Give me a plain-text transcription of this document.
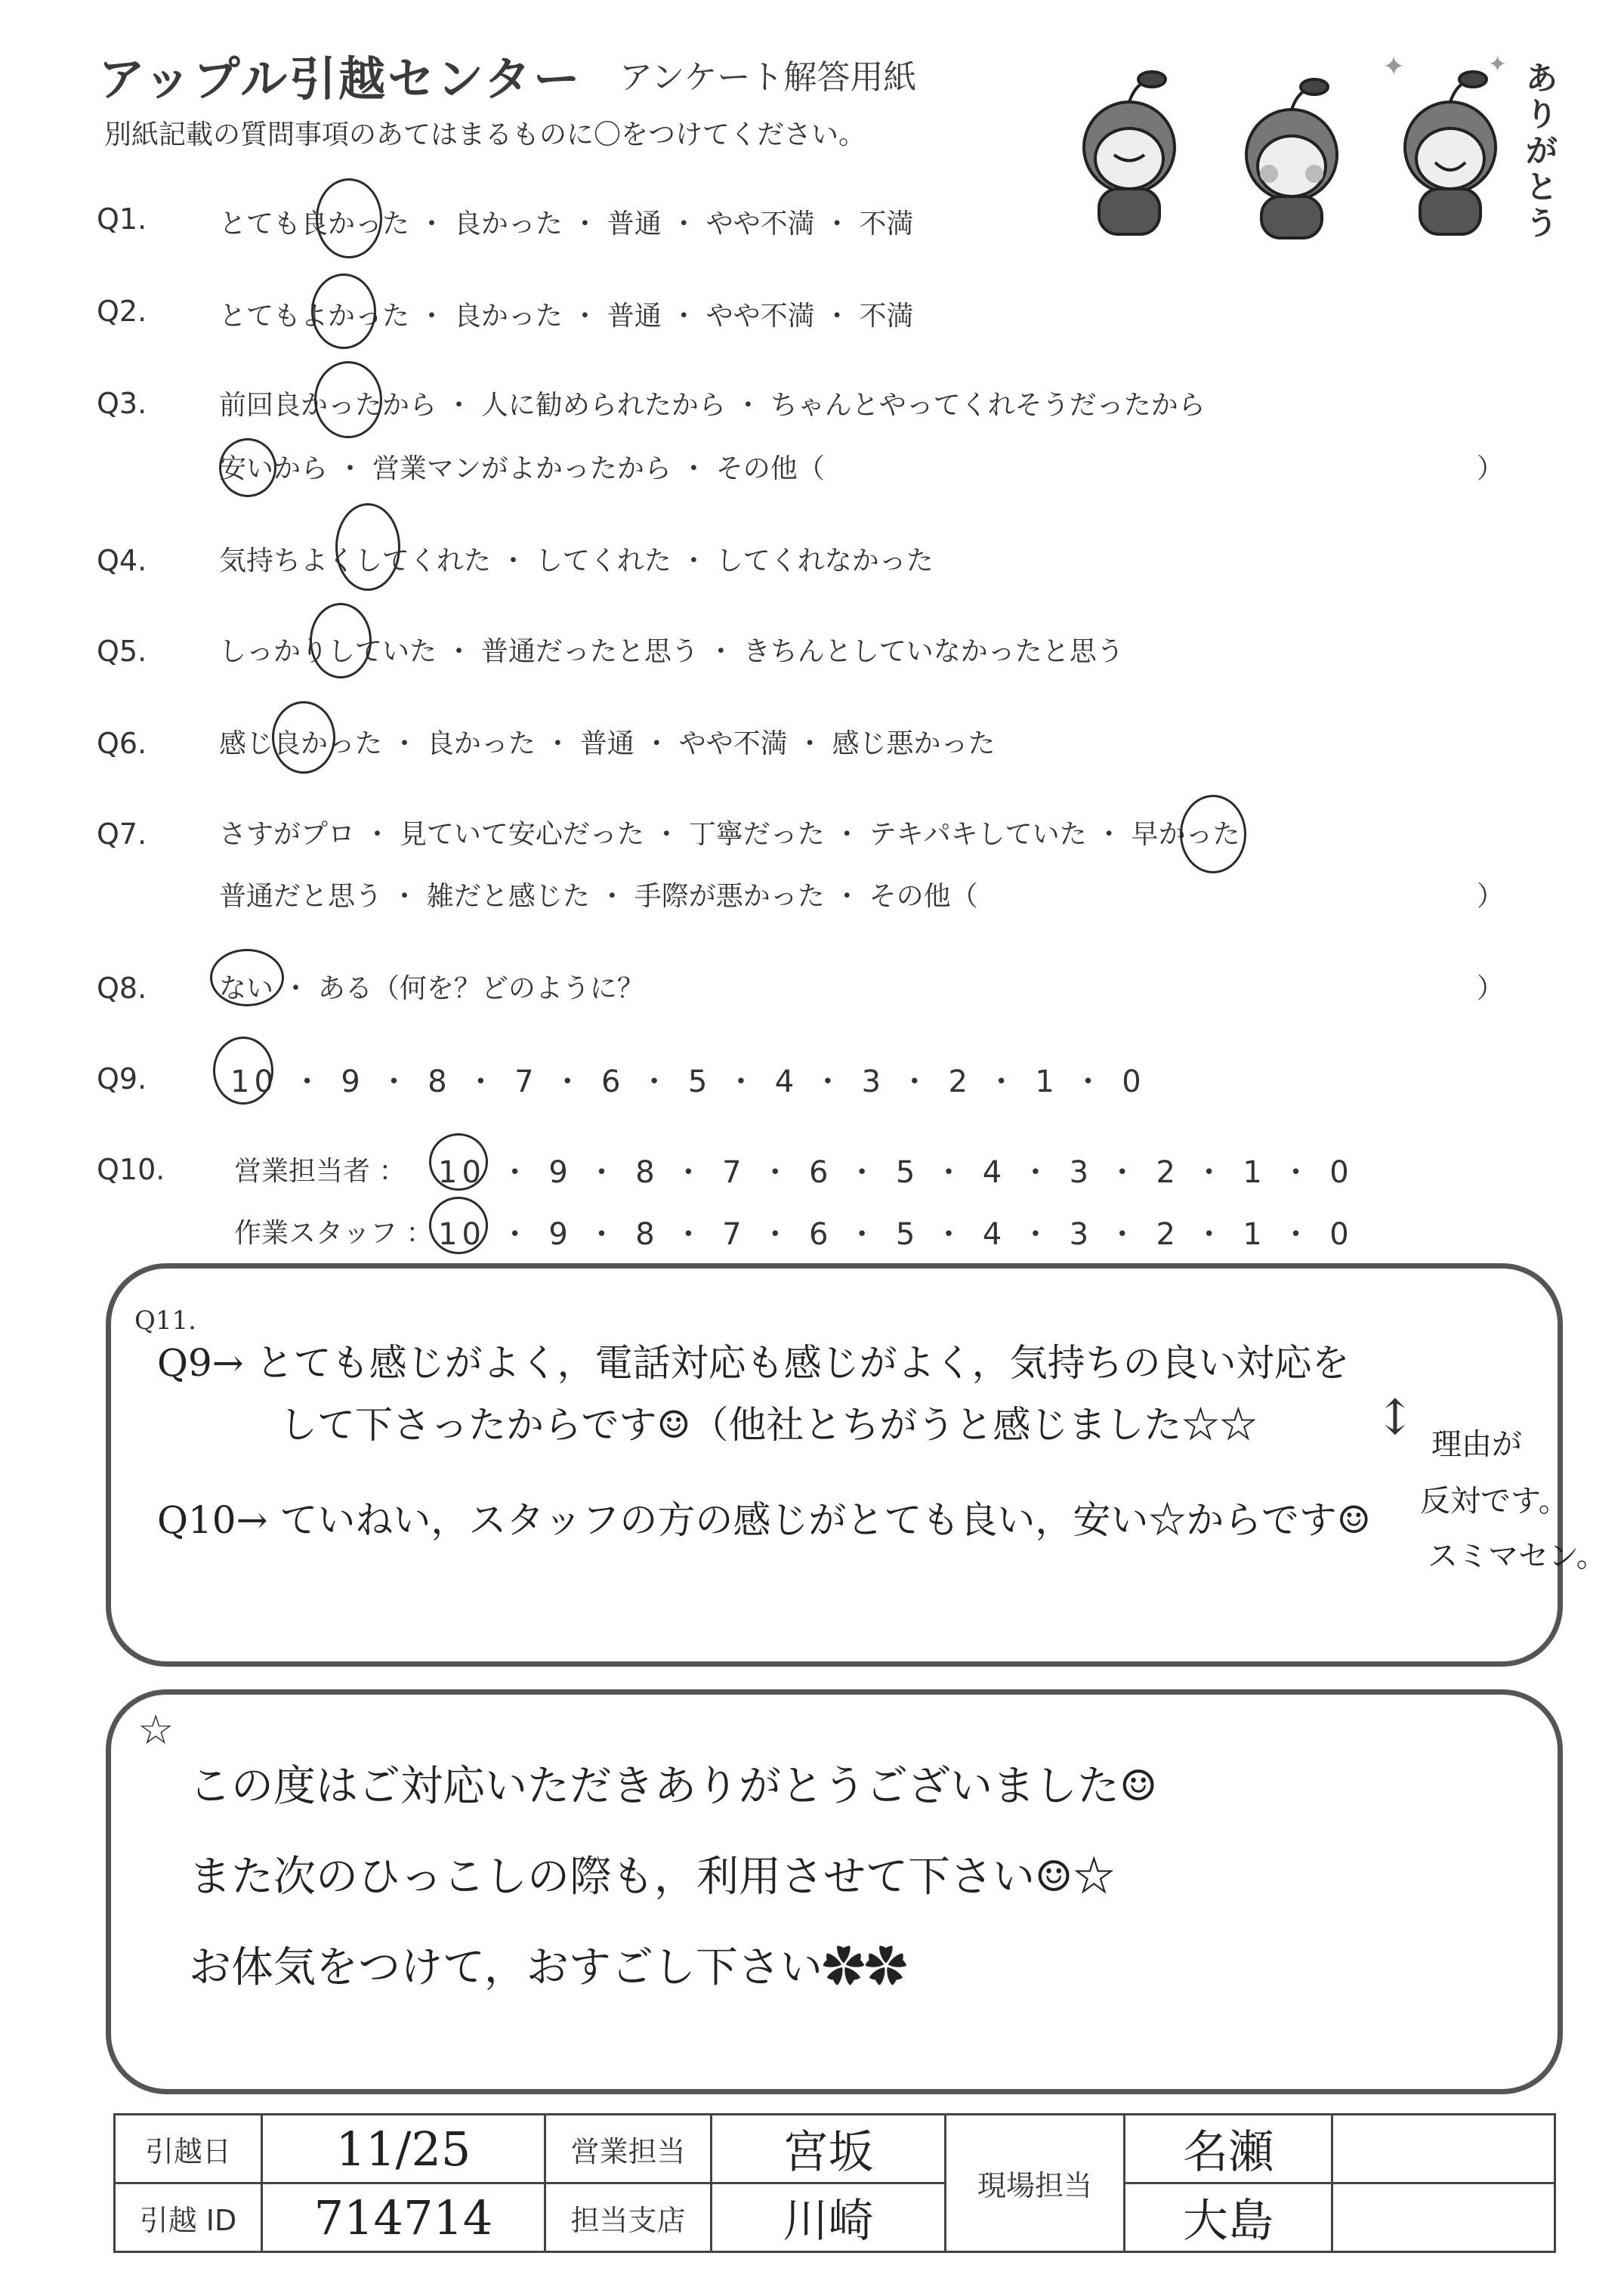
アップル引越センター アンケート解答用紙
別紙記載の質問事項のあてはまるものに〇をつけてください。
✦	✦ ありがとう
Q1.	とても良かった ・ 良かった ・ 普通 ・ やや不満 ・ 不満
Q2.	とてもよかった ・ 良かった ・ 普通 ・ やや不満 ・ 不満
Q3.	前回良かったから ・ 人に勧められたから ・ ちゃんとやってくれそうだったから
安いから ・ 営業マンがよかったから ・ その他（	）
Q4.	気持ちよくしてくれた ・ してくれた ・ してくれなかった
Q5.	しっかりしていた ・ 普通だったと思う ・ きちんとしていなかったと思う
Q6.	感じ良かった ・ 良かった ・ 普通 ・ やや不満 ・ 感じ悪かった
Q7.	さすがプロ ・ 見ていて安心だった ・ 丁寧だった ・ テキパキしていた ・ 早かった
普通だと思う ・ 雑だと感じた ・ 手際が悪かった ・ その他（	）
Q8.	ない ・ ある（何を？どのように？	）
Q9.	10 ・ 9 ・ 8 ・ 7 ・ 6 ・ 5 ・ 4 ・ 3 ・ 2 ・ 1 ・ 0
Q10.	営業担当者 ： 10 ・ 9 ・ 8 ・ 7 ・ 6 ・ 5 ・ 4 ・ 3 ・ 2 ・ 1 ・ 0
作業スタッフ ： 10 ・ 9 ・ 8 ・ 7 ・ 6 ・ 5 ・ 4 ・ 3 ・ 2 ・ 1 ・ 0
Q11.
Q9→ とても感じがよく，電話対応も感じがよく，気持ちの良い対応を
して下さったからです☺（他社とちがうと感じました☆☆
Q10→ ていねい，スタッフの方の感じがとても良い，安い☆からです☺
↕ 理由が
反対です。
スミマセン。
☆
この度はご対応いただきありがとうございました☺
また次のひっこしの際も，利用させて下さい☺☆
お体気をつけて，おすごし下さい✿✿
引越日	11/25	営業担当	宮坂	現場担当	名瀬	
引越 ID	714714	担当支店	川崎		大島	
